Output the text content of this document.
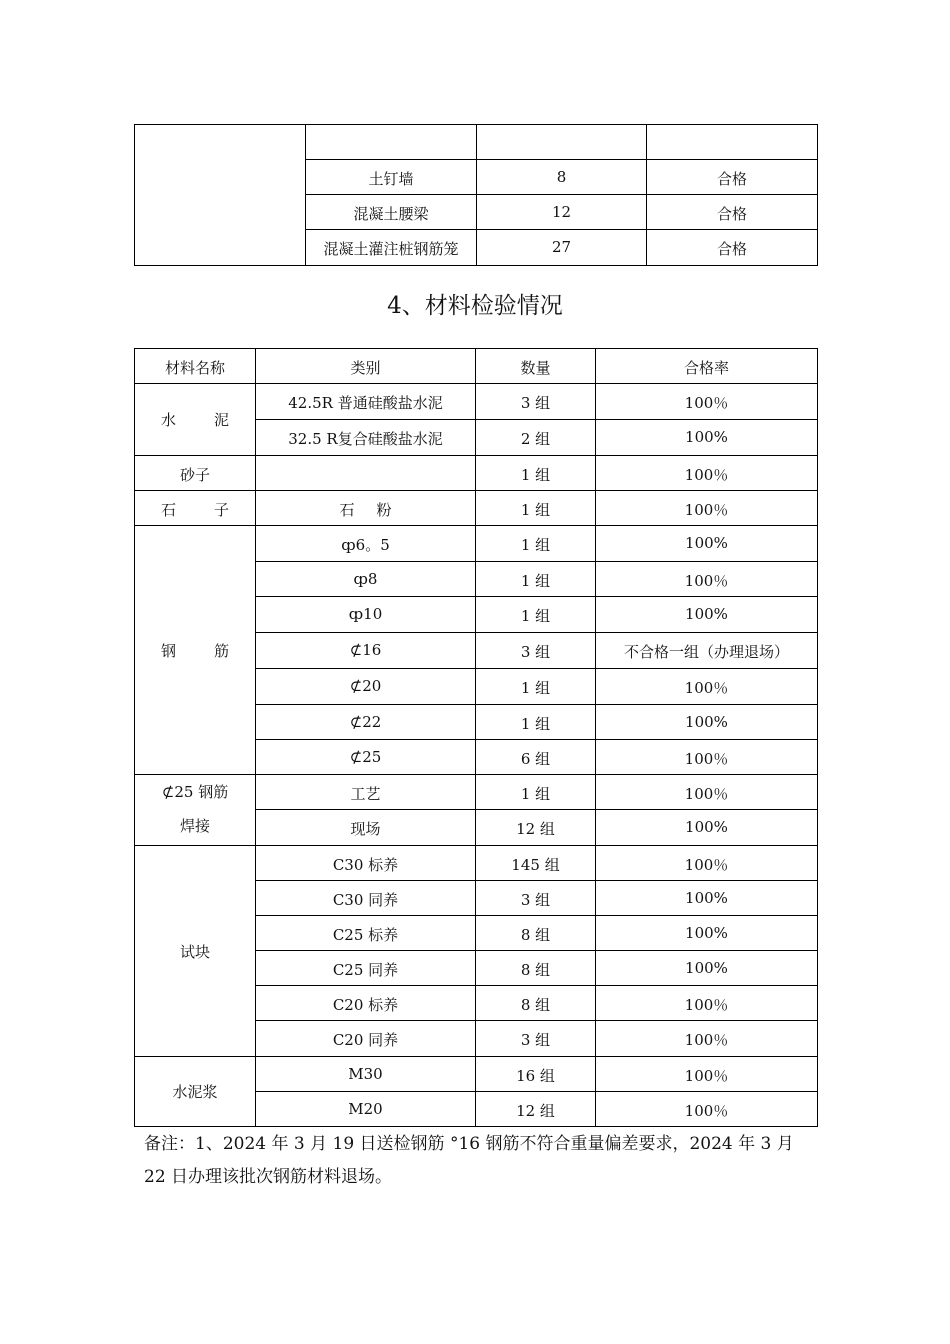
	土钉墙	8	合格
	混凝土腰梁	12	合格
	混凝土灌注桩钢筋笼	27	合格
4、材料检验情况
材料名称	类别	数量	合格率
水 泥	42.5R 普通硅酸盐水泥	3 组	100％
	32.5 R复合硅酸盐水泥	2 组	100%
砂子		1 组	100％
石 子	石 粉	1 组	100％
钢 筋	ȹ6。5	1 组	100%
	ȹ8	1 组	100％
	ȹ10	1 组	100%
	⊄16	3 组	不合格一组（办理退场）
	⊄20	1 组	100％
	⊄22	1 组	100%
	⊄25	6 组	100％

⊄25 钢筋
焊接	工艺	1 组	100％
	现场	12 组	100%
试块	C30 标养	145 组	100％
	C30 同养	3 组	100%
	C25 标养	8 组	100%
	C25 同养	8 组	100%
	C20 标养	8 组	100％
	C20 同养	3 组	100％
水泥浆	M30	16 组	100％
	M20	12 组	100％
备注：1、2024 年 3 月 19 日送检钢筋 °16 钢筋不符合重量偏差要求，2024 年 3 月 22 日办理该批次钢筋材料退场。
